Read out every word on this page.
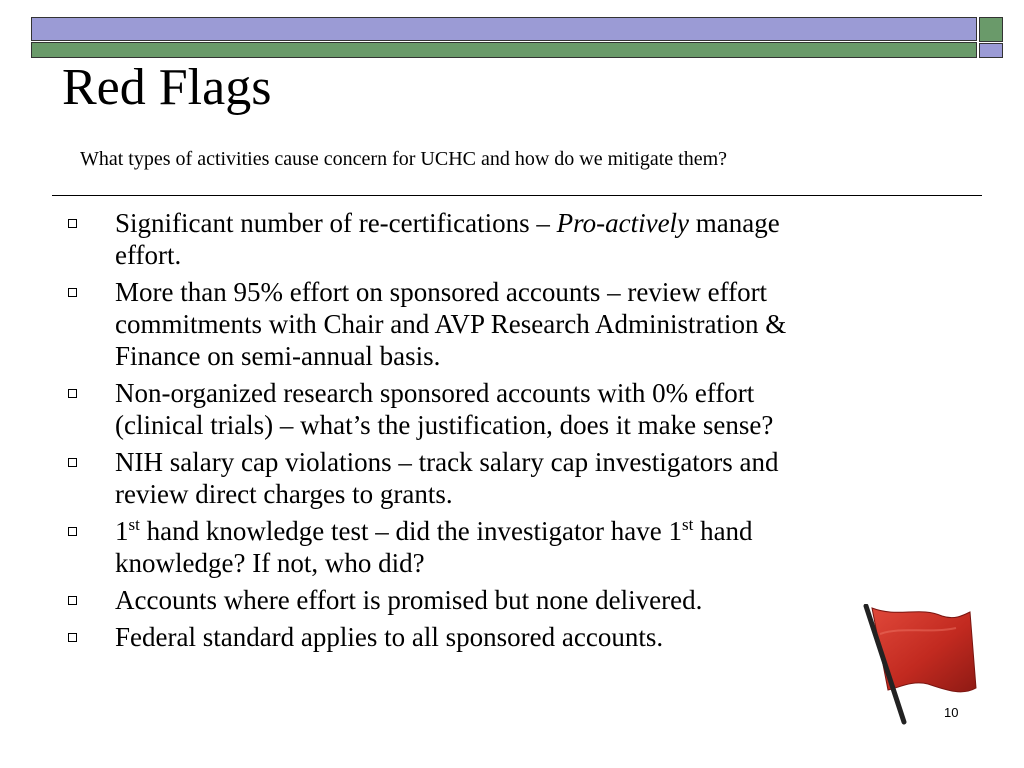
Red Flags
What types of activities cause concern for UCHC and how do we mitigate them?
Significant number of re-certifications – Pro-actively manage
effort.
More than 95% effort on sponsored accounts – review effort
commitments with Chair and AVP Research Administration &
Finance on semi-annual basis.
Non-organized research sponsored accounts with 0% effort
(clinical trials) – what’s the justification, does it make sense?
NIH salary cap violations – track salary cap investigators and
review direct charges to grants.
1st hand knowledge test – did the investigator have 1st hand
knowledge? If not, who did?
Accounts where effort is promised but none delivered.
Federal standard applies to all sponsored accounts.
10
